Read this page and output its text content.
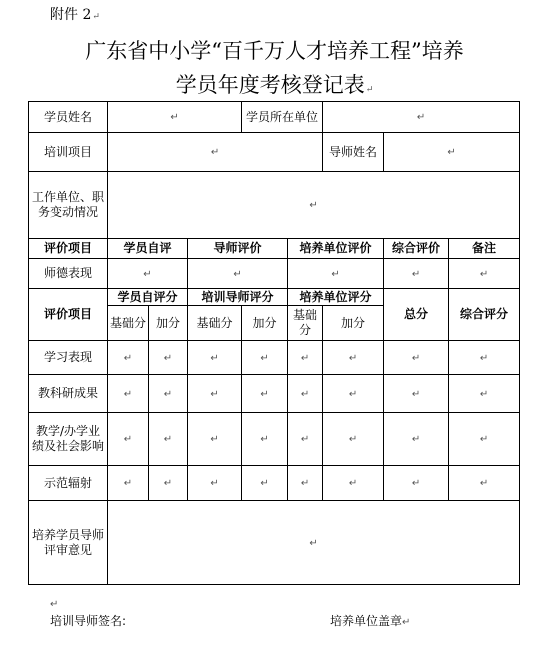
附件 2↵
广东省中小学“百千万人才培养工程”培养
学员年度考核登记表↵
学员姓名	↵			学员所在单位		↵		
培训项目	↵					导师姓名	↵	
工作单位、职务变动情况	↵							
评价项目	学员自评		导师评价		培养单位评价		综合评价	备注
师德表现	↵		↵		↵		↵	↵
评价项目	学员自评分		培训导师评分		培养单位评分		总分	综合评分
	基础分	加分	基础分	加分	基础分	加分		
学习表现	↵	↵	↵	↵	↵	↵	↵	↵
教科研成果	↵	↵	↵	↵	↵	↵	↵	↵
教学/办学业绩及社会影响	↵	↵	↵	↵	↵	↵	↵	↵
示范辐射	↵	↵	↵	↵	↵	↵	↵	↵
培养学员导师评审意见	↵							
↵
培训导师签名:	培养单位盖章↵
